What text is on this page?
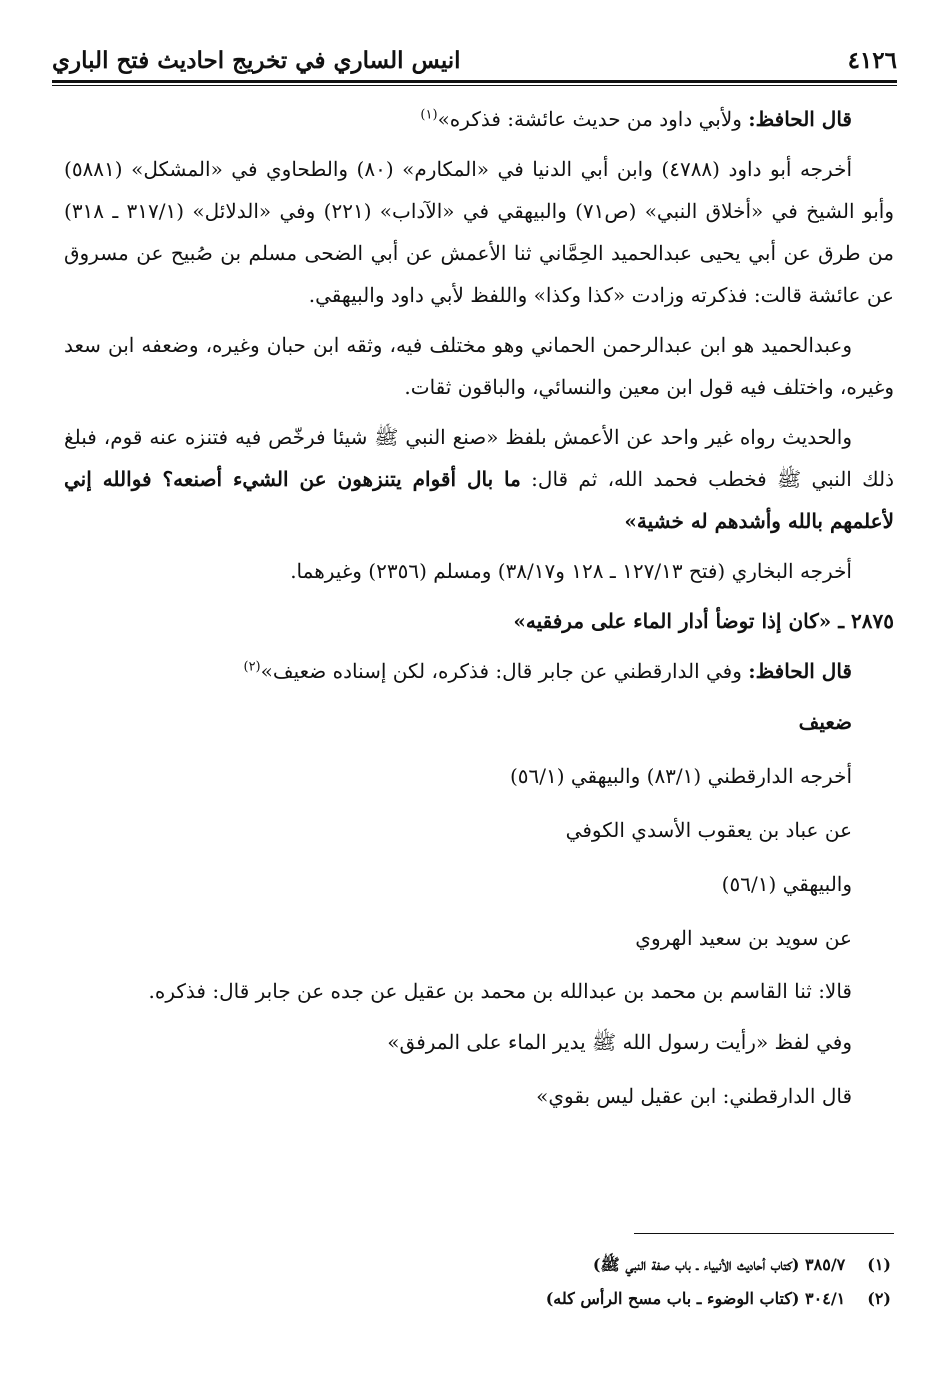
٤١٢٦
انيس الساري في تخريج احاديث فتح الباري

قال الحافظ: ولأبي داود من حديث عائشة: فذكره»$^{(١)}$

أخرجه أبو داود (٤٧٨٨) وابن أبي الدنيا في «المكارم» (٨٠) والطحاوي في «المشكل» (٥٨٨١) وأبو الشيخ في «أخلاق النبي» (ص٧١) والبيهقي في «الآداب» (٢٢١) وفي «الدلائل» (٣١٧/١ ـ ٣١٨) من طرق عن أبي يحيى عبدالحميد الحِمَّاني ثنا الأعمش عن أبي الضحى مسلم بن صُبيح عن مسروق عن عائشة قالت: فذكرته وزادت «كذا وكذا» واللفظ لأبي داود والبيهقي.

وعبدالحميد هو ابن عبدالرحمن الحماني وهو مختلف فيه، وثقه ابن حبان وغيره، وضعفه ابن سعد وغيره، واختلف فيه قول ابن معين والنسائي، والباقون ثقات.

والحديث رواه غير واحد عن الأعمش بلفظ «صنع النبي ﷺ شيئا فرخّص فيه فتنزه عنه قوم، فبلغ ذلك النبي ﷺ فخطب فحمد الله، ثم قال: ما بال أقوام يتنزهون عن الشيء أصنعه؟ فوالله إني لأعلمهم بالله وأشدهم له خشية»

أخرجه البخاري (فتح ١٢٧/١٣ ـ ١٢٨ و٣٨/١٧) ومسلم (٢٣٥٦) وغيرهما.

٢٨٧٥ ـ «كان إذا توضأ أدار الماء على مرفقيه»

قال الحافظ: وفي الدارقطني عن جابر قال: فذكره، لكن إسناده ضعيف»$^{(٢)}$

ضعيف

أخرجه الدارقطني (٨٣/١) والبيهقي (٥٦/١)

عن عباد بن يعقوب الأسدي الكوفي

والبيهقي (٥٦/١)

عن سويد بن سعيد الهروي

قالا: ثنا القاسم بن محمد بن عبدالله بن محمد بن عقيل عن جده عن جابر قال: فذكره.

وفي لفظ «رأيت رسول الله ﷺ يدير الماء على المرفق»

قال الدارقطني: ابن عقيل ليس بقوي»

(١)٣٨٥/٧ (كتاب أحاديث الأنبياء ـ باب صفة النبي ﷺ)
(٢)٣٠٤/١ (كتاب الوضوء ـ باب مسح الرأس كله)
